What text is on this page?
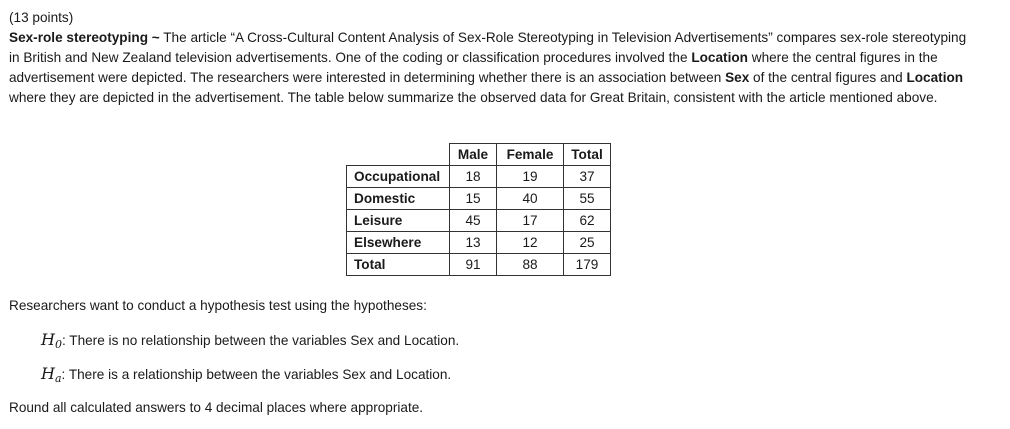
(13 points)

Sex-role stereotyping ~ The article “A Cross-Cultural Content Analysis of Sex-Role Stereotyping in Television Advertisements” compares sex-role stereotyping in British and New Zealand television advertisements. One of the coding or classification procedures involved the Location where the central figures in the advertisement were depicted. The researchers were interested in determining whether there is an association between Sex of the central figures and Location where they are depicted in the advertisement. The table below summarize the observed data for Great Britain, consistent with the article mentioned above.

	Male	Female	Total
Occupational	18	19	37
Domestic	15	40	55
Leisure	45	17	62
Elsewhere	13	12	25
Total	91	88	179

Researchers want to conduct a hypothesis test using the hypotheses:

$H_0$: There is no relationship between the variables Sex and Location.

$H_a$: There is a relationship between the variables Sex and Location.

Round all calculated answers to 4 decimal places where appropriate.
